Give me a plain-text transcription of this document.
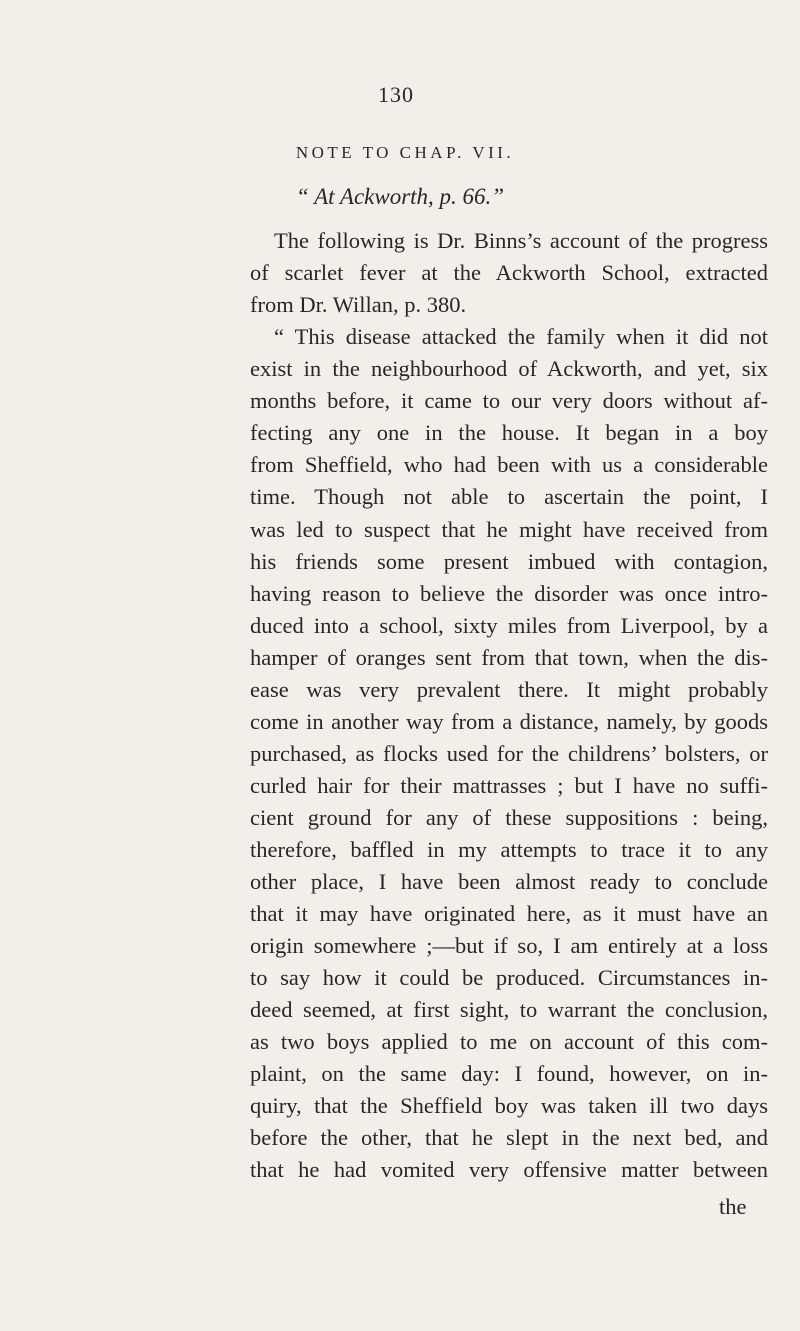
130
NOTE TO CHAP. VII.
“ At Ackworth, p. 66.”
The following is Dr. Binns’s account of the progress
of scarlet fever at the Ackworth School, extracted
from Dr. Willan, p. 380.
“ This disease attacked the family when it did not
exist in the neighbourhood of Ackworth, and yet, six
months before, it came to our very doors without af-
fecting any one in the house. It began in a boy
from Sheffield, who had been with us a considerable
time. Though not able to ascertain the point, I
was led to suspect that he might have received from
his friends some present imbued with contagion,
having reason to believe the disorder was once intro-
duced into a school, sixty miles from Liverpool, by a
hamper of oranges sent from that town, when the dis-
ease was very prevalent there. It might probably
come in another way from a distance, namely, by goods
purchased, as flocks used for the childrens’ bolsters, or
curled hair for their mattrasses ; but I have no suffi-
cient ground for any of these suppositions : being,
therefore, baffled in my attempts to trace it to any
other place, I have been almost ready to conclude
that it may have originated here, as it must have an
origin somewhere ;—but if so, I am entirely at a loss
to say how it could be produced. Circumstances in-
deed seemed, at first sight, to warrant the conclusion,
as two boys applied to me on account of this com-
plaint, on the same day: I found, however, on in-
quiry, that the Sheffield boy was taken ill two days
before the other, that he slept in the next bed, and
that he had vomited very offensive matter between
the
